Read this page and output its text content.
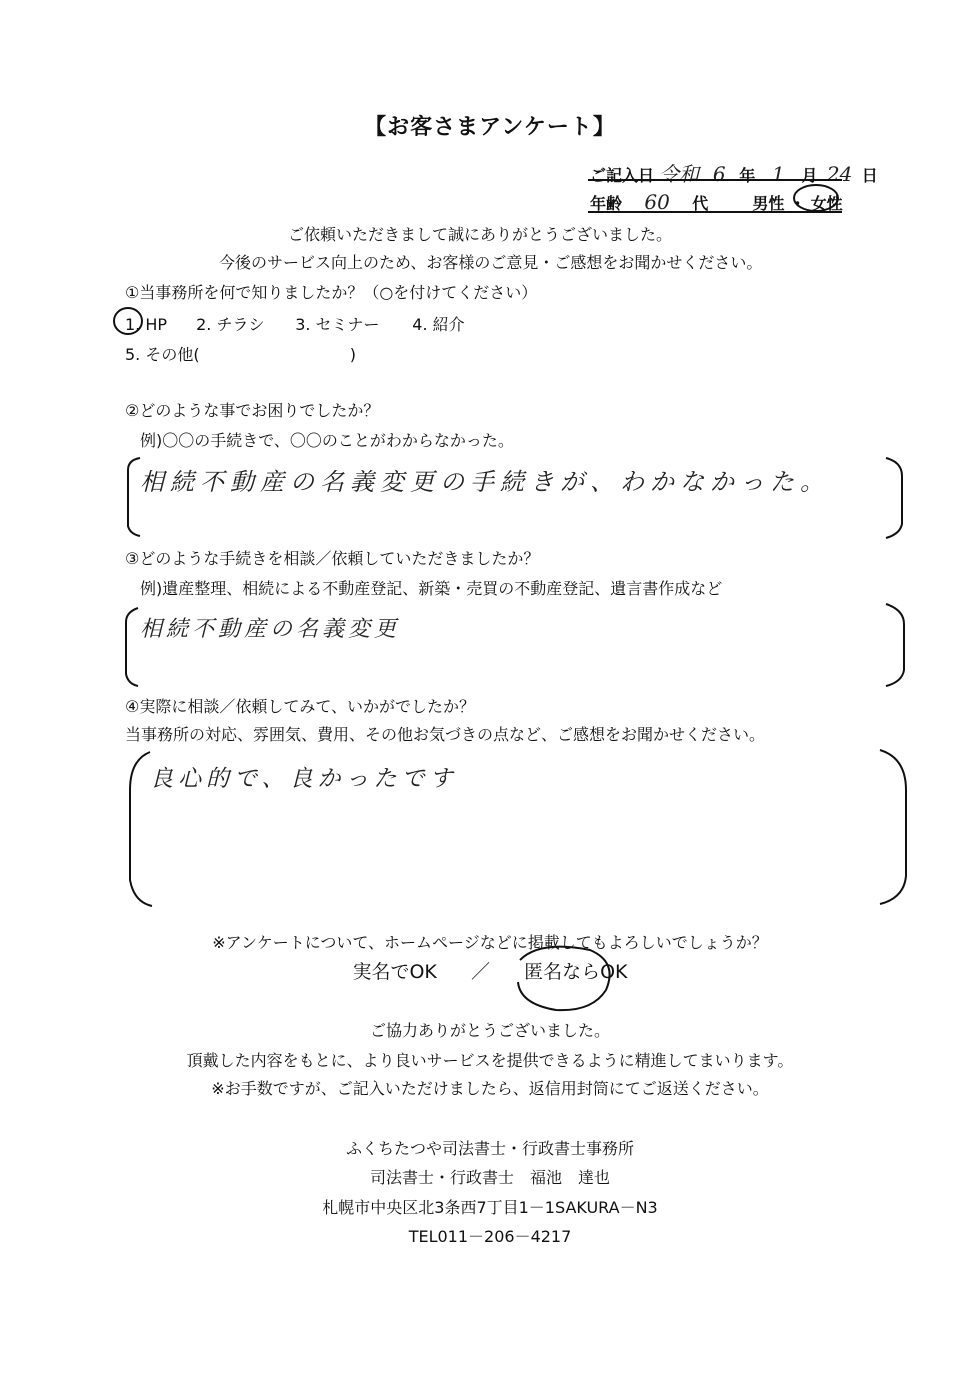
【お客さまアンケート】
ご記入日 令和 6 年 1 月 24 日
年齢 60 代	男性 ・ 女性
ご依頼いただきまして誠にありがとうございました。
今後のサービス向上のため、お客様のご意見・ご感想をお聞かせください。
①当事務所を何で知りましたか？（○を付けてください）
1. HP 2. チラシ 3. セミナー 4. 紹介
5. その他(	)
②どのような事でお困りでしたか？
例)〇〇の手続きで、〇〇のことがわからなかった。
相続不動産の名義変更の手続きが、わかなかった。
③どのような手続きを相談／依頼していただきましたか？
例)遺産整理、相続による不動産登記、新築・売買の不動産登記、遺言書作成など
相続不動産の名義変更
④実際に相談／依頼してみて、いかがでしたか？
当事務所の対応、雰囲気、費用、その他お気づきの点など、ご感想をお聞かせください。
良心的で、良かったです
※アンケートについて、ホームページなどに掲載してもよろしいでしょうか？
実名でOK ／ 匿名ならOK
ご協力ありがとうございました。
頂戴した内容をもとに、より良いサービスを提供できるように精進してまいります。
※お手数ですが、ご記入いただけましたら、返信用封筒にてご返送ください。
ふくちたつや司法書士・行政書士事務所
司法書士・行政書士　福池　達也
札幌市中央区北3条西7丁目1－1SAKURA－N3
TEL011－206－4217
